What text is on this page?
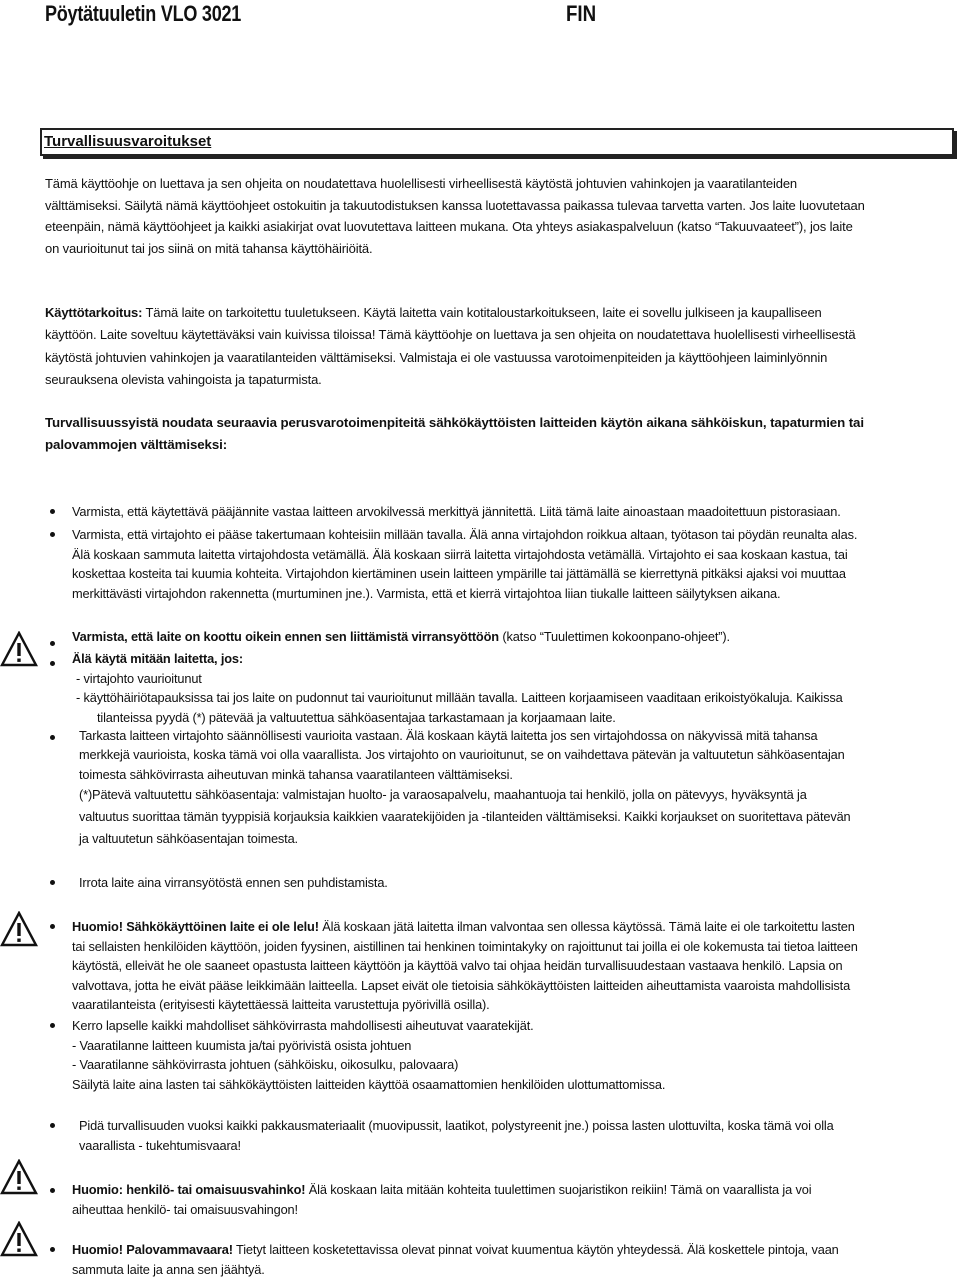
Pöytätuuletin VLO 3021	FIN
Turvallisuusvaroitukset
Tämä käyttöohje on luettava ja sen ohjeita on noudatettava huolellisesti virheellisestä käytöstä johtuvien vahinkojen ja vaaratilanteiden
välttämiseksi. Säilytä nämä käyttöohjeet ostokuitin ja takuutodistuksen kanssa luotettavassa paikassa tulevaa tarvetta varten. Jos laite luovutetaan
eteenpäin, nämä käyttöohjeet ja kaikki asiakirjat ovat luovutettava laitteen mukana. Ota yhteys asiakaspalveluun (katso “Takuuvaateet”), jos laite
on vaurioitunut tai jos siinä on mitä tahansa käyttöhäiriöitä.
Käyttötarkoitus: Tämä laite on tarkoitettu tuuletukseen. Käytä laitetta vain kotitaloustarkoitukseen, laite ei sovellu julkiseen ja kaupalliseen
käyttöön. Laite soveltuu käytettäväksi vain kuivissa tiloissa! Tämä käyttöohje on luettava ja sen ohjeita on noudatettava huolellisesti virheellisestä
käytöstä johtuvien vahinkojen ja vaaratilanteiden välttämiseksi. Valmistaja ei ole vastuussa varotoimenpiteiden ja käyttöohjeen laiminlyönnin
seurauksena olevista vahingoista ja tapaturmista.
Turvallisuussyistä noudata seuraavia perusvarotoimenpiteitä sähkökäyttöisten laitteiden käytön aikana sähköiskun, tapaturmien tai
palovammojen välttämiseksi:
Varmista, että käytettävä pääjännite vastaa laitteen arvokilvessä merkittyä jännitettä. Liitä tämä laite ainoastaan maadoitettuun pistorasiaan.
Varmista, että virtajohto ei pääse takertumaan kohteisiin millään tavalla. Älä anna virtajohdon roikkua altaan, työtason tai pöydän reunalta alas.
Älä koskaan sammuta laitetta virtajohdosta vetämällä. Älä koskaan siirrä laitetta virtajohdosta vetämällä. Virtajohto ei saa koskaan kastua, tai
koskettaa kosteita tai kuumia kohteita. Virtajohdon kiertäminen usein laitteen ympärille tai jättämällä se kierrettynä pitkäksi ajaksi voi muuttaa
merkittävästi virtajohdon rakennetta (murtuminen jne.). Varmista, että et kierrä virtajohtoa liian tiukalle laitteen säilytyksen aikana.
Varmista, että laite on koottu oikein ennen sen liittämistä virransyöttöön (katso “Tuulettimen kokoonpano-ohjeet”).
Älä käytä mitään laitetta, jos:
- virtajohto vaurioitunut
- käyttöhäiriötapauksissa tai jos laite on pudonnut tai vaurioitunut millään tavalla. Laitteen korjaamiseen vaaditaan erikoistyökaluja. Kaikissa
tilanteissa pyydä (*) pätevää ja valtuutettua sähköasentajaa tarkastamaan ja korjaamaan laite.
Tarkasta laitteen virtajohto säännöllisesti vaurioita vastaan. Älä koskaan käytä laitetta jos sen virtajohdossa on näkyvissä mitä tahansa
merkkejä vaurioista, koska tämä voi olla vaarallista. Jos virtajohto on vaurioitunut, se on vaihdettava pätevän ja valtuutetun sähköasentajan
toimesta sähkövirrasta aiheutuvan minkä tahansa vaaratilanteen välttämiseksi.
(*)Pätevä valtuutettu sähköasentaja: valmistajan huolto- ja varaosapalvelu, maahantuoja tai henkilö, jolla on pätevyys, hyväksyntä ja
valtuutus suorittaa tämän tyyppisiä korjauksia kaikkien vaaratekijöiden ja -tilanteiden välttämiseksi. Kaikki korjaukset on suoritettava pätevän
ja valtuutetun sähköasentajan toimesta.
Irrota laite aina virransyötöstä ennen sen puhdistamista.
Huomio! Sähkökäyttöinen laite ei ole lelu! Älä koskaan jätä laitetta ilman valvontaa sen ollessa käytössä. Tämä laite ei ole tarkoitettu lasten
tai sellaisten henkilöiden käyttöön, joiden fyysinen, aistillinen tai henkinen toimintakyky on rajoittunut tai joilla ei ole kokemusta tai tietoa laitteen
käytöstä, elleivät he ole saaneet opastusta laitteen käyttöön ja käyttöä valvo tai ohjaa heidän turvallisuudestaan vastaava henkilö. Lapsia on
valvottava, jotta he eivät pääse leikkimään laitteella. Lapset eivät ole tietoisia sähkökäyttöisten laitteiden aiheuttamista vaaroista mahdollisista
vaaratilanteista (erityisesti käytettäessä laitteita varustettuja pyörivillä osilla).
Kerro lapselle kaikki mahdolliset sähkövirrasta mahdollisesti aiheutuvat vaaratekijät.
- Vaaratilanne laitteen kuumista ja/tai pyörivistä osista johtuen
- Vaaratilanne sähkövirrasta johtuen (sähköisku, oikosulku, palovaara)
Säilytä laite aina lasten tai sähkökäyttöisten laitteiden käyttöä osaamattomien henkilöiden ulottumattomissa.
Pidä turvallisuuden vuoksi kaikki pakkausmateriaalit (muovipussit, laatikot, polystyreenit jne.) poissa lasten ulottuvilta, koska tämä voi olla
vaarallista - tukehtumisvaara!
Huomio: henkilö- tai omaisuusvahinko! Älä koskaan laita mitään kohteita tuulettimen suojaristikon reikiin! Tämä on vaarallista ja voi
aiheuttaa henkilö- tai omaisuusvahingon!
Huomio! Palovammavaara! Tietyt laitteen kosketettavissa olevat pinnat voivat kuumentua käytön yhteydessä. Älä koskettele pintoja, vaan
sammuta laite ja anna sen jäähtyä.
